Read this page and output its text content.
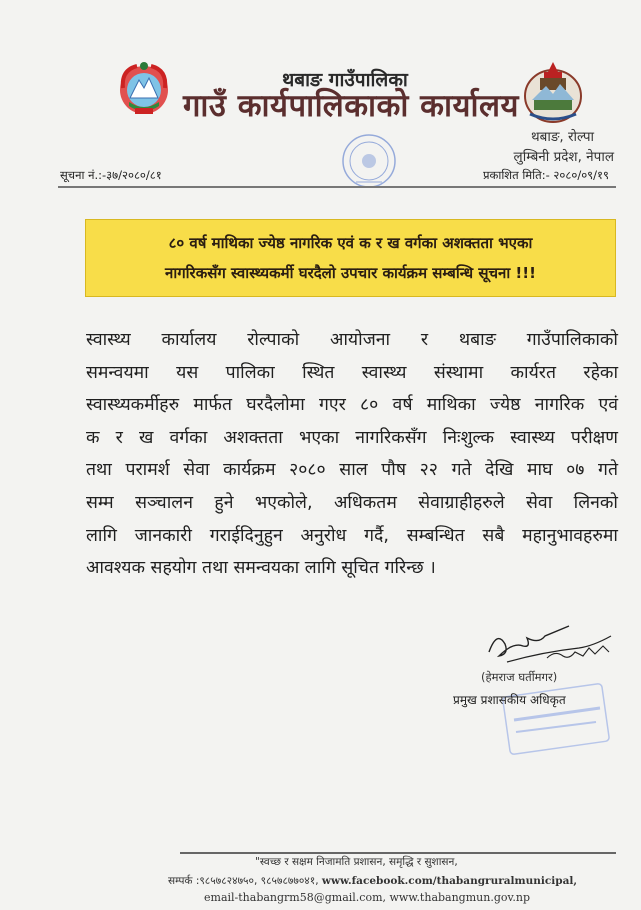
थबाङ गाउँपालिका
गाउँ कार्यपालिकाको कार्यालय
थबाङ, रोल्पा
लुम्बिनी प्रदेश, नेपाल
सूचना नं.:-३७/२०८०/८१	प्रकाशित मिति:- २०८०/०९/१९
८० वर्ष माथिका ज्येष्ठ नागरिक एवं क र ख वर्गका अशक्तता भएका
नागरिकसँग स्वास्थ्यकर्मी घरदैलो उपचार कार्यक्रम सम्बन्धि सूचना !!!
स्वास्थ्य कार्यालय रोल्पाको आयोजना र थबाङ गाउँपालिकाको
समन्वयमा यस पालिका स्थित स्वास्थ्य संस्थामा कार्यरत रहेका
स्वास्थ्यकर्मीहरु मार्फत घरदैलोमा गएर ८० वर्ष माथिका ज्येष्ठ नागरिक एवं
क र ख वर्गका अशक्तता भएका नागरिकसँग निःशुल्क स्वास्थ्य परीक्षण
तथा परामर्श सेवा कार्यक्रम २०८० साल पौष २२ गते देखि माघ ०७ गते
सम्म सञ्चालन हुने भएकोले, अधिकतम सेवाग्राहीहरुले सेवा लिनको
लागि जानकारी गराईदिनुहुन अनुरोध गर्दै, सम्बन्धित सबै महानुभावहरुमा
आवश्यक सहयोग तथा समन्वयका लागि सूचित गरिन्छ ।
(हेमराज घर्तीमगर)
प्रमुख प्रशासकीय अधिकृत
"स्वच्छ र सक्षम निजामति प्रशासन, समृद्धि र सुशासन,
सम्पर्क :९८५७८२४७५०, ९८५७८७७०४१, www.facebook.com/thabangruralmunicipal,
email-thabangrm58@gmail.com, www.thabangmun.gov.np
